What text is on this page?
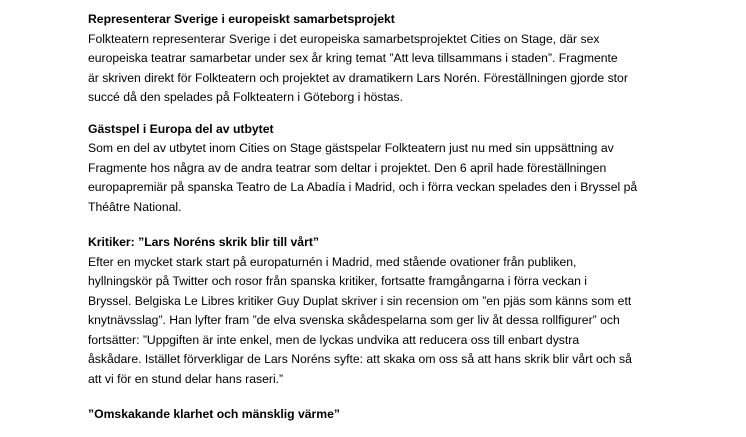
Representerar Sverige i europeiskt samarbetsprojekt

Folkteatern representerar Sverige i det europeiska samarbetsprojektet Cities on Stage, där sex
europeiska teatrar samarbetar under sex år kring temat ”Att leva tillsammans i staden”. Fragmente
är skriven direkt för Folkteatern och projektet av dramatikern Lars Norén. Föreställningen gjorde stor
succé då den spelades på Folkteatern i Göteborg i höstas.

Gästspel i Europa del av utbytet

Som en del av utbytet inom Cities on Stage gästspelar Folkteatern just nu med sin uppsättning av
Fragmente hos några av de andra teatrar som deltar i projektet. Den 6 april hade föreställningen
europapremiär på spanska Teatro de La Abadía i Madrid, och i förra veckan spelades den i Bryssel på
Théâtre National.

Kritiker: ”Lars Noréns skrik blir till vårt”

Efter en mycket stark start på europaturnén i Madrid, med stående ovationer från publiken,
hyllningskör på Twitter och rosor från spanska kritiker, fortsatte framgångarna i förra veckan i
Bryssel. Belgiska Le Libres kritiker Guy Duplat skriver i sin recension om ”en pjäs som känns som ett
knytnävsslag”. Han lyfter fram ”de elva svenska skådespelarna som ger liv åt dessa rollfigurer” och
fortsätter: ”Uppgiften är inte enkel, men de lyckas undvika att reducera oss till enbart dystra
åskådare. Istället förverkligar de Lars Noréns syfte: att skaka om oss så att hans skrik blir vårt och så
att vi för en stund delar hans raseri.”

”Omskakande klarhet och mänsklig värme”
